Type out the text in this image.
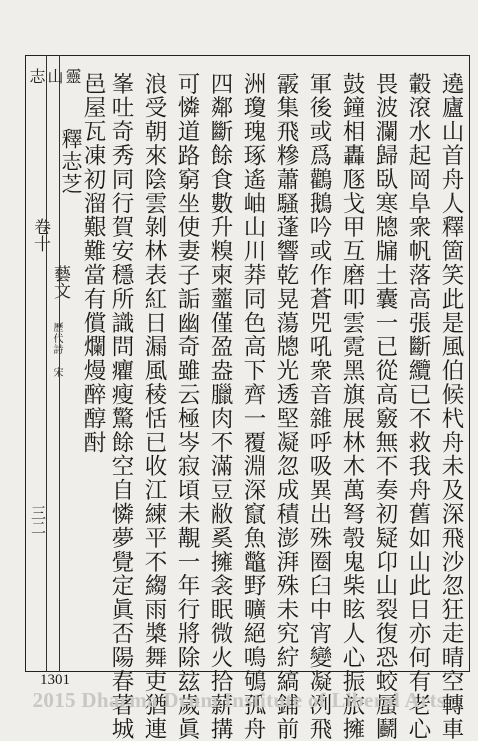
靈
山
志
卷十
藝文
歷代詩 宋
三二
釋志芝	遶廬山首舟人釋箇笑此是風伯候杙舟未及深飛沙忽狂走晴空轉車
轂滾水起岡阜衆帆落高張斷纜已不救我舟舊如山此日亦何有老心
畏波瀾歸臥寒牕牖土囊一已從高竅無不奏初疑卬山裂復恐蛟蜃鬬
鼓鐘相轟豗戈甲互磨叩雲霓黑旗展林木萬弩彀鬼柴眩人心振旅擁
軍後或爲鸛鵝吟或作蒼兕吼衆音雜呼吸異出殊圈臼中宵變凝冽飛
霰集飛糝蕭騷蓬響乾晃蕩牕光透堅凝忽成積澎湃殊未究紵縞鋪前
洲瓊瑰琢遙岫山川莽同色高下齊一覆淵深竄魚鼈野曠絕鳴鴝孤舟
四鄰斷餘食數升糗柬虀僅盈盎臘肉不滿豆敝奚擁衾眠微火拾薪搆
可憐道路窮坐使妻子詬幽奇雖云極岑寂頃未覯一年行將除玆歲眞
浪受朝來陰雲剝林表紅日漏風稜恬已收江練平不縐雨槳舞吏猶連
峯吐奇秀同行賀安穩所識問癯瘦驚餘空自憐夢覺定眞否陽春著城
邑屋瓦凍初溜艱難當有償爛熳醉醇酎
1301
2015 Dharma Drum Institute of Liberal Arts
